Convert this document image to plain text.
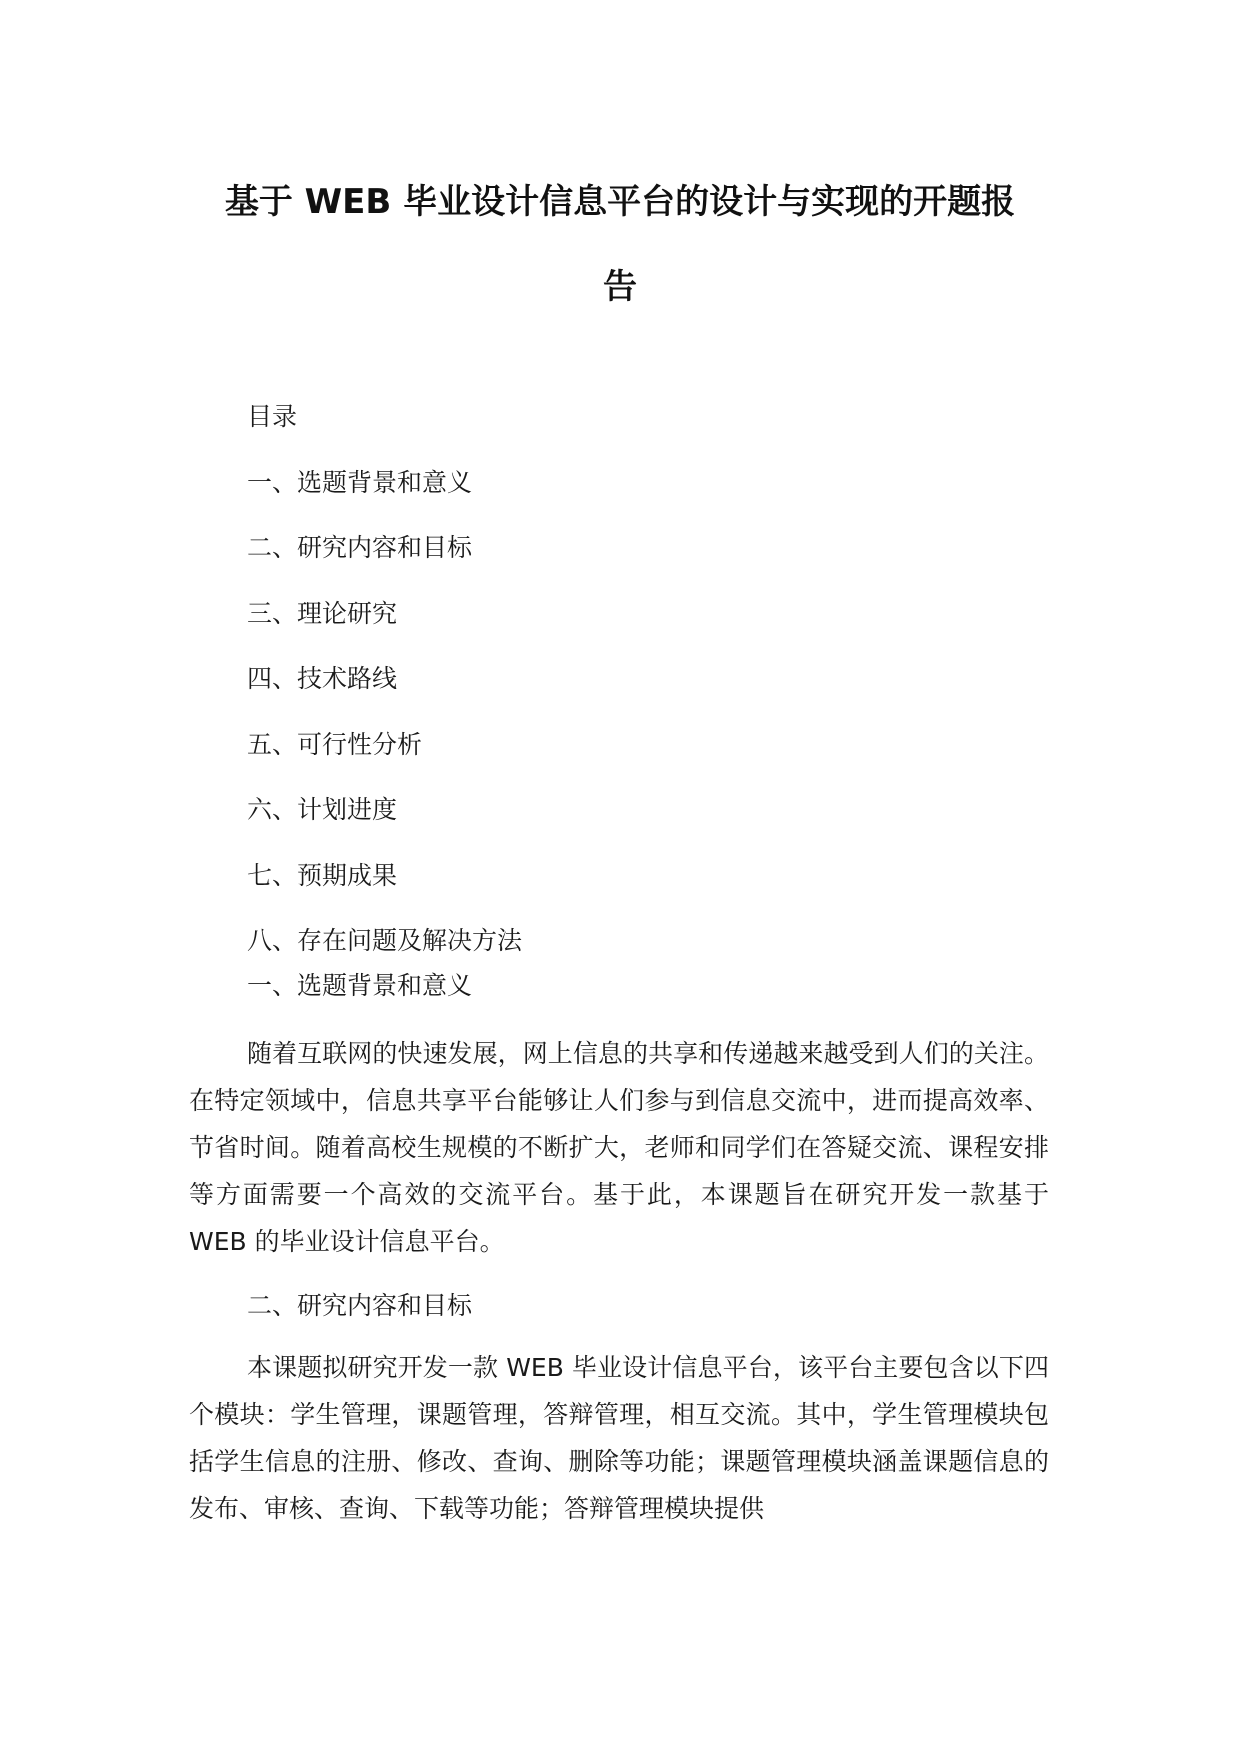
基于 WEB 毕业设计信息平台的设计与实现的开题报
告
目录
一、选题背景和意义
二、研究内容和目标
三、理论研究
四、技术路线
五、可行性分析
六、计划进度
七、预期成果
八、存在问题及解决方法
一、选题背景和意义

随着互联网的快速发展，网上信息的共享和传递越来越受到人们的关注。在特定领域中，信息共享平台能够让人们参与到信息交流中，进而提高效率、节省时间。随着高校生规模的不断扩大，老师和同学们在答疑交流、课程安排等方面需要一个高效的交流平台。基于此，本课题旨在研究开发一款基于 WEB 的毕业设计信息平台。

二、研究内容和目标

本课题拟研究开发一款 WEB 毕业设计信息平台，该平台主要包含以下四个模块：学生管理，课题管理，答辩管理，相互交流。其中，学生管理模块包括学生信息的注册、修改、查询、删除等功能；课题管理模块涵盖课题信息的发布、审核、查询、下载等功能；答辩管理模块提供
